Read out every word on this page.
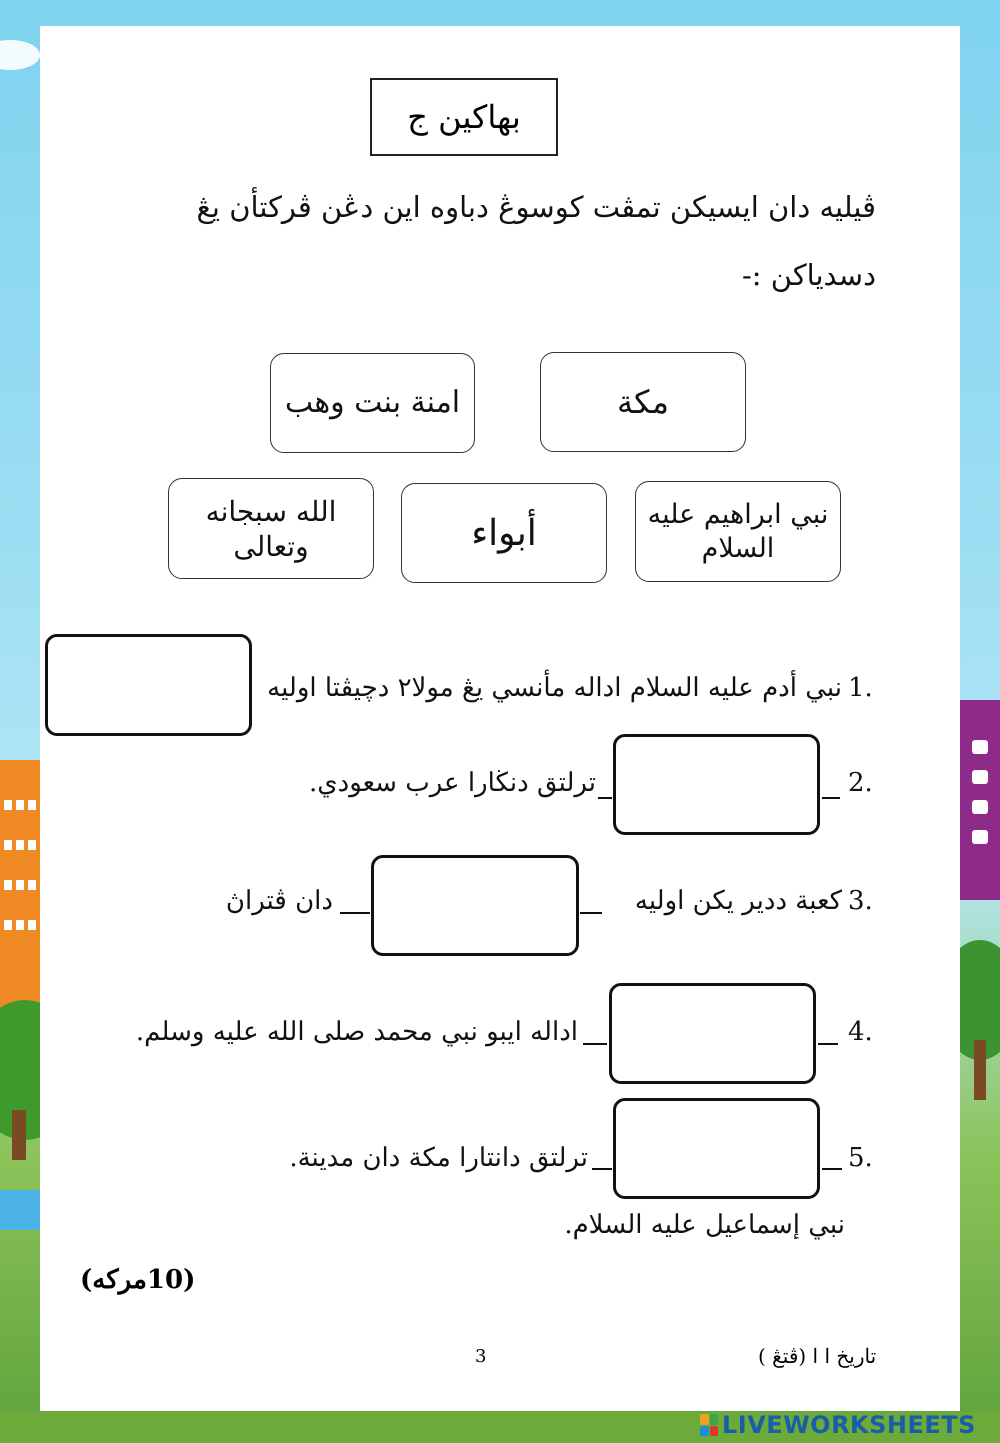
بهاكين ج
ڤيليه دان ايسيكن تمڤت كوسوڠ دباوه اين دڠن ڤركتأن يڠ
دسدياكن :-
امنة بنت وهب	مكة
الله سبجانه وتعالى	أبواء	نبي ابراهيم عليه السلام
1.
نبي أدم عليه السلام اداله مأنسي يڠ مولا٢ دچيڤتا اوليه
2.
ترلتق دنڬارا عرب سعودي.
3.
كعبة ددير يكن اوليه
دان ڤتراڽ
4.
اداله ايبو نبي محمد صلى الله عليه وسلم.
5.
ترلتق دانتارا مكة دان مدينة.
نبي إسماعيل عليه السلام.
(10مركه)
3	تاريخ ا ا (ڤتڠ )
LIVEWORKSHEETS
